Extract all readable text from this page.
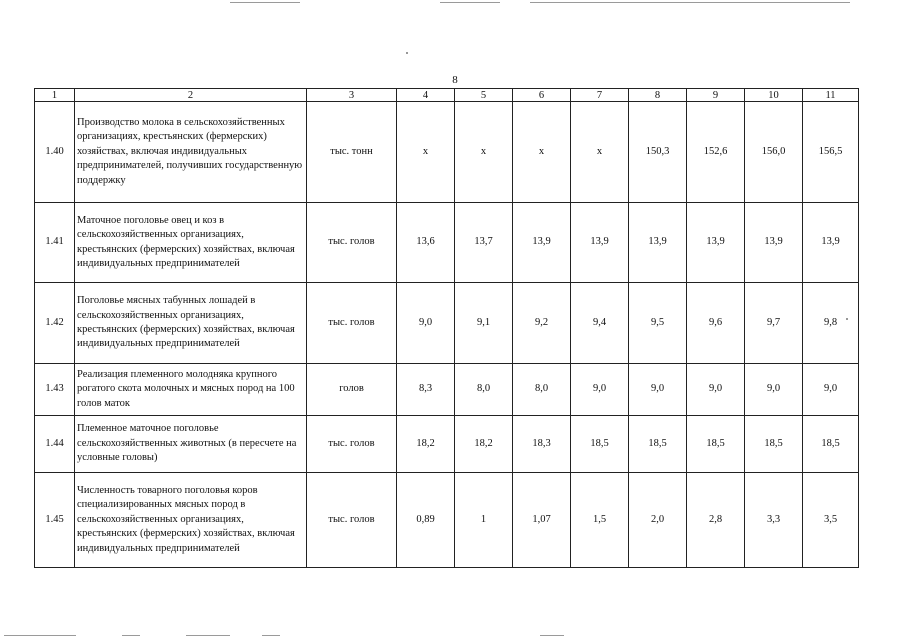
8
1	2	3	4	5	6	7	8	9	10	11
1.40	Производство молока в сельскохозяйственных организациях, крестьянских (фермерских) хозяйствах, включая индивидуальных предпринимателей, получивших государственную поддержку	тыс. тонн	х	х	х	х	150,3	152,6	156,0	156,5
1.41	Маточное поголовье овец и коз в сельскохозяйственных организациях, крестьянских (фермерских) хозяйствах, включая индивидуальных предпринимателей	тыс. голов	13,6	13,7	13,9	13,9	13,9	13,9	13,9	13,9
1.42	Поголовье мясных табунных лошадей в сельскохозяйственных организациях, крестьянских (фермерских) хозяйствах, включая индивидуальных предпринимателей	тыс. голов	9,0	9,1	9,2	9,4	9,5	9,6	9,7	9,8
1.43	Реализация племенного молодняка крупного рогатого скота молочных и мясных пород на 100 голов маток	голов	8,3	8,0	8,0	9,0	9,0	9,0	9,0	9,0
1.44	Племенное маточное поголовье сельскохозяйственных животных (в пересчете на условные головы)	тыс. голов	18,2	18,2	18,3	18,5	18,5	18,5	18,5	18,5
1.45	Численность товарного поголовья коров специализированных мясных пород в сельскохозяйственных организациях, крестьянских (фермерских) хозяйствах, включая индивидуальных предпринимателей	тыс. голов	0,89	1	1,07	1,5	2,0	2,8	3,3	3,5
